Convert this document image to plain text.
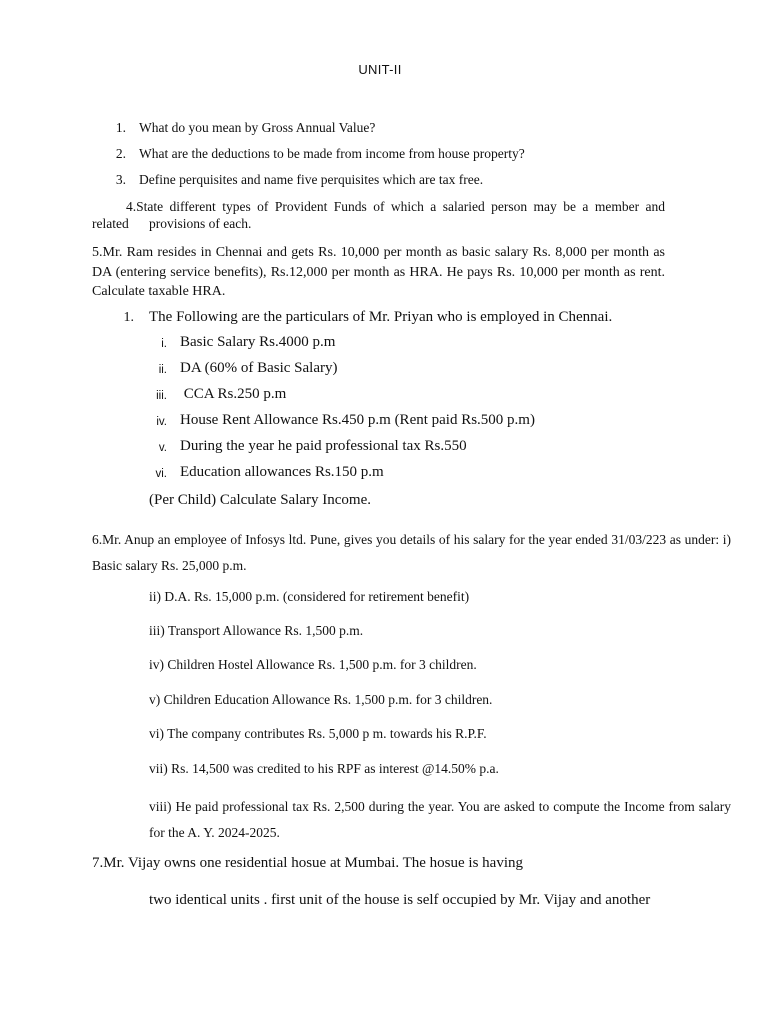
UNIT-II
1. What do you mean by Gross Annual Value?
2. What are the deductions to be made from income from house property?
3. Define perquisites and name five perquisites which are tax free.
4.State different types of Provident Funds of which a salaried person may be a member and
related      provisions of each.
5.Mr. Ram resides in Chennai and gets Rs. 10,000 per month as basic salary Rs. 8,000 per month as DA (entering service benefits), Rs.12,000 per month as HRA. He pays Rs. 10,000 per month as rent. Calculate taxable HRA.
1. The Following are the particulars of Mr. Priyan who is employed in Chennai.
i. Basic Salary Rs.4000 p.m
ii. DA (60% of Basic Salary)
iii. CCA Rs.250 p.m
iv. House Rent Allowance Rs.450 p.m (Rent paid Rs.500 p.m)
v. During the year he paid professional tax Rs.550
vi. Education allowances Rs.150 p.m
(Per Child) Calculate Salary Income.
6.Mr. Anup an employee of Infosys ltd. Pune, gives you details of his salary for the year ended 31/03/223 as under: i) Basic salary Rs. 25,000 p.m.
ii) D.A. Rs. 15,000 p.m. (considered for retirement benefit)
iii) Transport Allowance Rs. 1,500 p.m.
iv) Children Hostel Allowance Rs. 1,500 p.m. for 3 children.
v) Children Education Allowance Rs. 1,500 p.m. for 3 children.
vi) The company contributes Rs. 5,000 p m. towards his R.P.F.
vii) Rs. 14,500 was credited to his RPF as interest @14.50% p.a.
viii) He paid professional tax Rs. 2,500 during the year. You are asked to compute the Income from salary for the A. Y. 2024-2025.
7.Mr. Vijay owns one residential hosue at Mumbai. The hosue is having
two identical units . first unit of the house is self occupied by Mr. Vijay and another
